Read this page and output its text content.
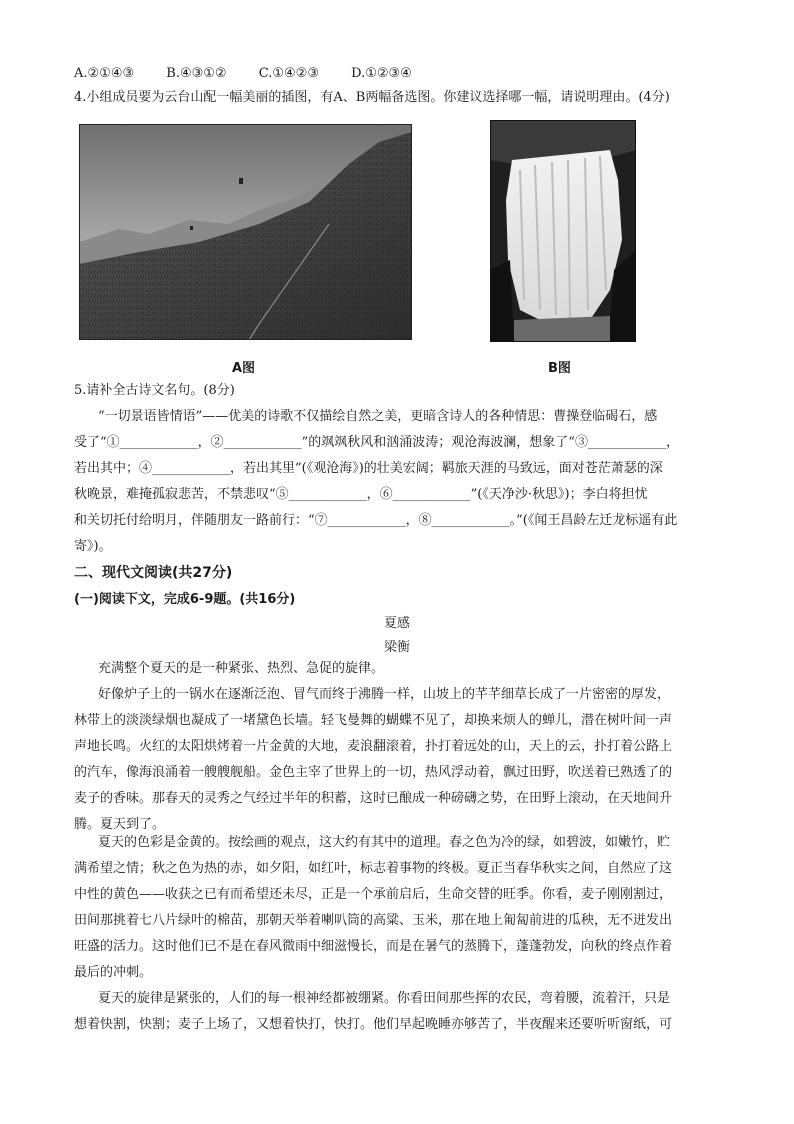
A.②①④③ B.④③①② C.①④②③ D.①②③④
4.小组成员要为云台山配一幅美丽的插图，有A、B两幅备选图。你建议选择哪一幅，请说明理由。(4分)
A图	B图
5.请补全古诗文名句。(8分)
“一切景语皆情语”——优美的诗歌不仅描绘自然之美，更暗含诗人的各种情思：曹操登临碣石，感
受了“①____________，②____________”的飒飒秋风和汹涌波涛；观沧海波澜，想象了“③____________，
若出其中；④____________，若出其里”(《观沧海》)的壮美宏阔；羁旅天涯的马致远，面对苍茫萧瑟的深
秋晚景，难掩孤寂悲苦，不禁悲叹“⑤____________，⑥____________”(《天净沙·秋思》)；李白将担忧
和关切托付给明月，伴随朋友一路前行：“⑦____________，⑧____________。”(《闻王昌龄左迁龙标遥有此
寄》)。
二、现代文阅读(共27分)
(一)阅读下文，完成6-9题。(共16分)
夏感
梁衡
充满整个夏天的是一种紧张、热烈、急促的旋律。
好像炉子上的一锅水在逐渐泛泡、冒气而终于沸腾一样，山坡上的芊芊细草长成了一片密密的厚发，
林带上的淡淡绿烟也凝成了一堵黛色长墙。轻飞曼舞的蝴蝶不见了，却换来烦人的蝉儿，潜在树叶间一声
声地长鸣。火红的太阳烘烤着一片金黄的大地，麦浪翻滚着，扑打着远处的山，天上的云，扑打着公路上
的汽车，像海浪涌着一艘艘舰船。金色主宰了世界上的一切，热风浮动着，飘过田野，吹送着已熟透了的
麦子的香味。那春天的灵秀之气经过半年的积蓄，这时已酿成一种磅礴之势，在田野上滚动，在天地间升
腾。夏天到了。
夏天的色彩是金黄的。按绘画的观点，这大约有其中的道理。春之色为冷的绿，如碧波，如嫩竹，贮
满希望之情；秋之色为热的赤，如夕阳，如红叶，标志着事物的终极。夏正当春华秋实之间，自然应了这
中性的黄色——收获之已有而希望还未尽，正是一个承前启后，生命交替的旺季。你看，麦子刚刚割过，
田间那挑着七八片绿叶的棉苗，那朝天举着喇叭筒的高粱、玉米，那在地上匍匐前进的瓜秧，无不迸发出
旺盛的活力。这时他们已不是在春风微雨中细滋慢长，而是在暑气的蒸腾下，蓬蓬勃发，向秋的终点作着
最后的冲刺。
夏天的旋律是紧张的，人们的每一根神经都被绷紧。你看田间那些挥的农民，弯着腰，流着汗，只是
想着快割，快割；麦子上场了，又想着快打，快打。他们早起晚睡亦够苦了，半夜醒来还要听听窗纸，可
